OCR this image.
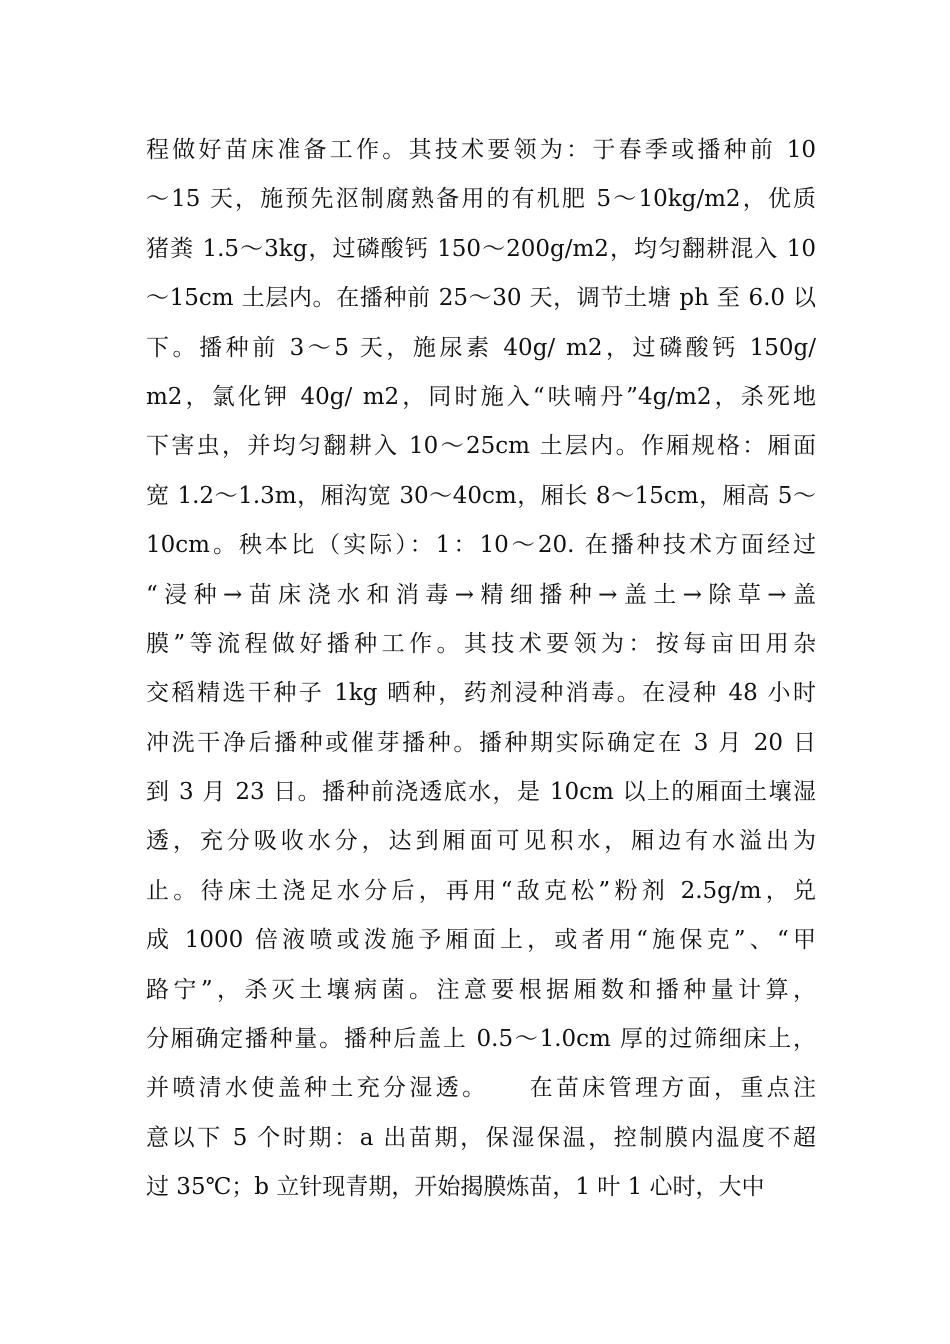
程做好苗床准备工作。其技术要领为：于春季或播种前 10
～15 天，施预先沤制腐熟备用的有机肥 5～10kg/m2，优质
猪粪 1.5～3kg，过磷酸钙 150～200g/m2，均匀翻耕混入 10
～15cm 土层内。在播种前 25～30 天，调节土塘 ph 至 6.0 以
下。播种前 3～5 天，施尿素 40g/ m2，过磷酸钙 150g/
m2，氯化钾 40g/ m2，同时施入“呋喃丹”4g/m2，杀死地
下害虫，并均匀翻耕入 10～25cm 土层内。作厢规格：厢面
宽 1.2～1.3m，厢沟宽 30～40cm，厢长 8～15cm，厢高 5～
10cm。秧本比（实际）：1：10～20. 在播种技术方面经过
“浸种→苗床浇水和消毒→精细播种→盖土→除草→盖
膜”等流程做好播种工作。其技术要领为：按每亩田用杂
交稻精选干种子 1kg 晒种，药剂浸种消毒。在浸种 48 小时
冲洗干净后播种或催芽播种。播种期实际确定在 3 月 20 日
到 3 月 23 日。播种前浇透底水，是 10cm 以上的厢面土壤湿
透，充分吸收水分，达到厢面可见积水，厢边有水溢出为
止。待床土浇足水分后，再用“敌克松”粉剂 2.5g/m，兑
成 1000 倍液喷或泼施予厢面上，或者用“施保克”、“甲
路宁”，杀灭土壤病菌。注意要根据厢数和播种量计算，
分厢确定播种量。播种后盖上 0.5～1.0cm 厚的过筛细床上，
并喷清水使盖种土充分湿透。　　在苗床管理方面，重点注
意以下 5 个时期：a 出苗期，保湿保温，控制膜内温度不超
过 35℃；b 立针现青期，开始揭膜炼苗，1 叶 1 心时，大中
